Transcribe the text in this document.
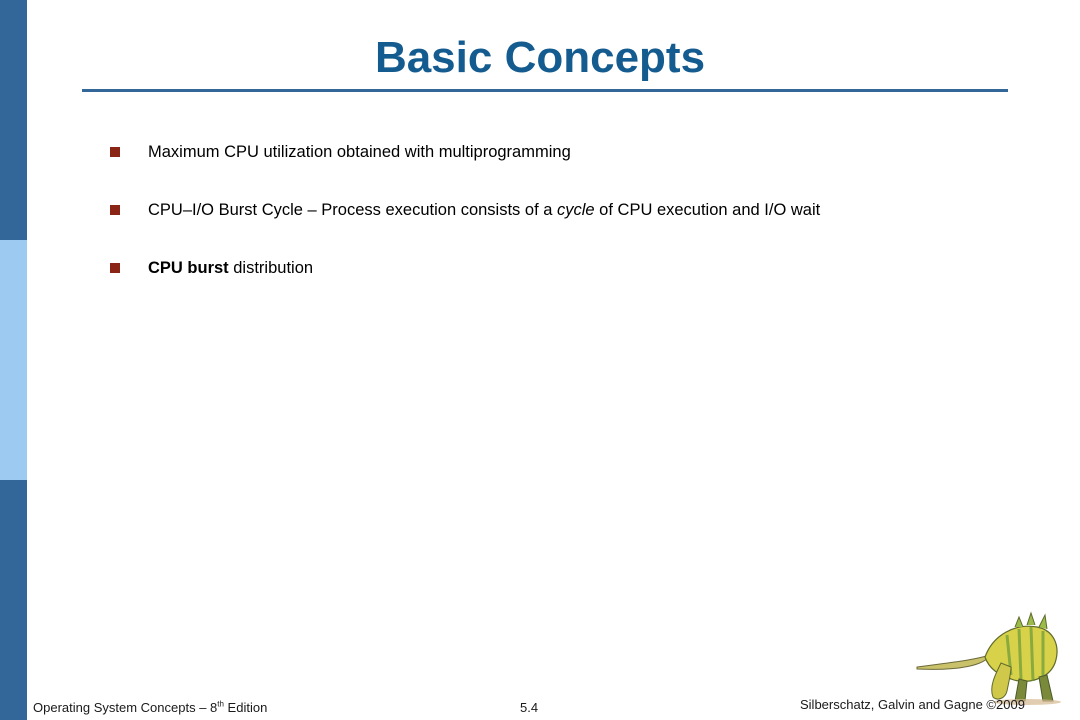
Basic Concepts
Maximum CPU utilization obtained with multiprogramming
CPU–I/O Burst Cycle – Process execution consists of a cycle of CPU execution and I/O wait
CPU burst distribution
Operating System Concepts – 8th Edition	5.4	Silberschatz, Galvin and Gagne ©2009
